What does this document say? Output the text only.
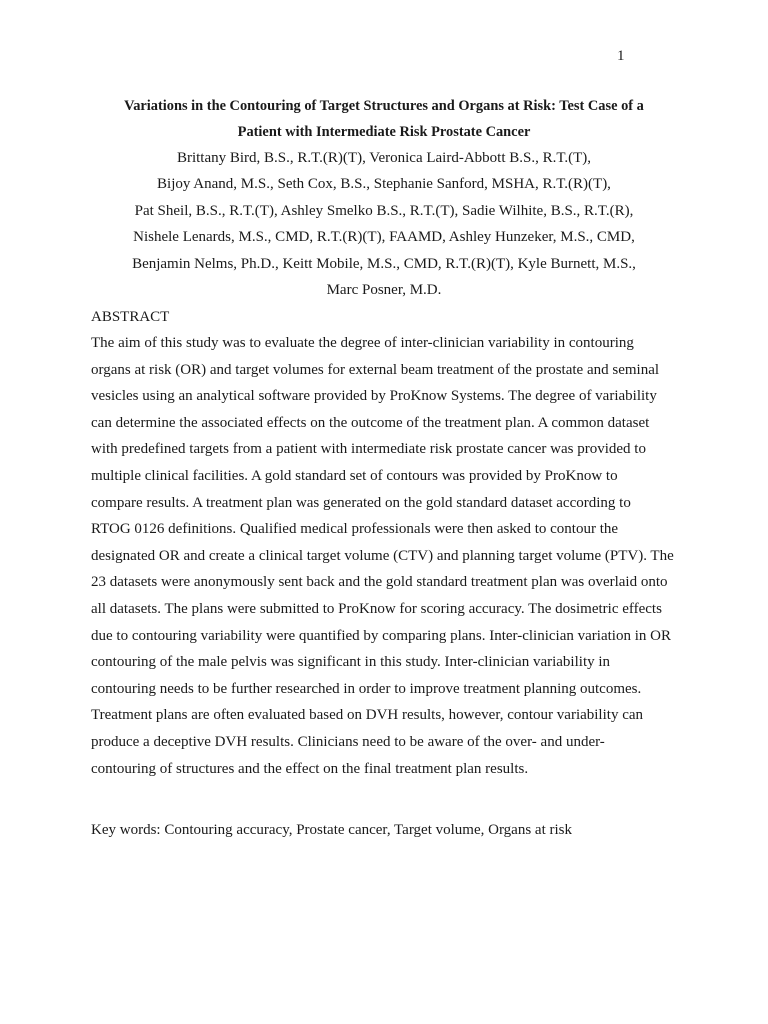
1
Variations in the Contouring of Target Structures and Organs at Risk: Test Case of a
Patient with Intermediate Risk Prostate Cancer
Brittany Bird, B.S., R.T.(R)(T), Veronica Laird-Abbott B.S., R.T.(T),
Bijoy Anand, M.S., Seth Cox, B.S., Stephanie Sanford, MSHA, R.T.(R)(T),
Pat Sheil, B.S., R.T.(T), Ashley Smelko B.S., R.T.(T), Sadie Wilhite, B.S., R.T.(R),
Nishele Lenards, M.S., CMD, R.T.(R)(T), FAAMD, Ashley Hunzeker, M.S., CMD,
Benjamin Nelms, Ph.D., Keitt Mobile, M.S., CMD, R.T.(R)(T), Kyle Burnett, M.S.,
Marc Posner, M.D.
ABSTRACT
The aim of this study was to evaluate the degree of inter-clinician variability in contouring
organs at risk (OR) and target volumes for external beam treatment of the prostate and seminal
vesicles using an analytical software provided by ProKnow Systems. The degree of variability
can determine the associated effects on the outcome of the treatment plan. A common dataset
with predefined targets from a patient with intermediate risk prostate cancer was provided to
multiple clinical facilities. A gold standard set of contours was provided by ProKnow to
compare results. A treatment plan was generated on the gold standard dataset according to
RTOG 0126 definitions. Qualified medical professionals were then asked to contour the
designated OR and create a clinical target volume (CTV) and planning target volume (PTV). The
23 datasets were anonymously sent back and the gold standard treatment plan was overlaid onto
all datasets. The plans were submitted to ProKnow for scoring accuracy. The dosimetric effects
due to contouring variability were quantified by comparing plans. Inter-clinician variation in OR
contouring of the male pelvis was significant in this study. Inter-clinician variability in
contouring needs to be further researched in order to improve treatment planning outcomes.
Treatment plans are often evaluated based on DVH results, however, contour variability can
produce a deceptive DVH results. Clinicians need to be aware of the over- and under-
contouring of structures and the effect on the final treatment plan results.
Key words: Contouring accuracy, Prostate cancer, Target volume, Organs at risk
